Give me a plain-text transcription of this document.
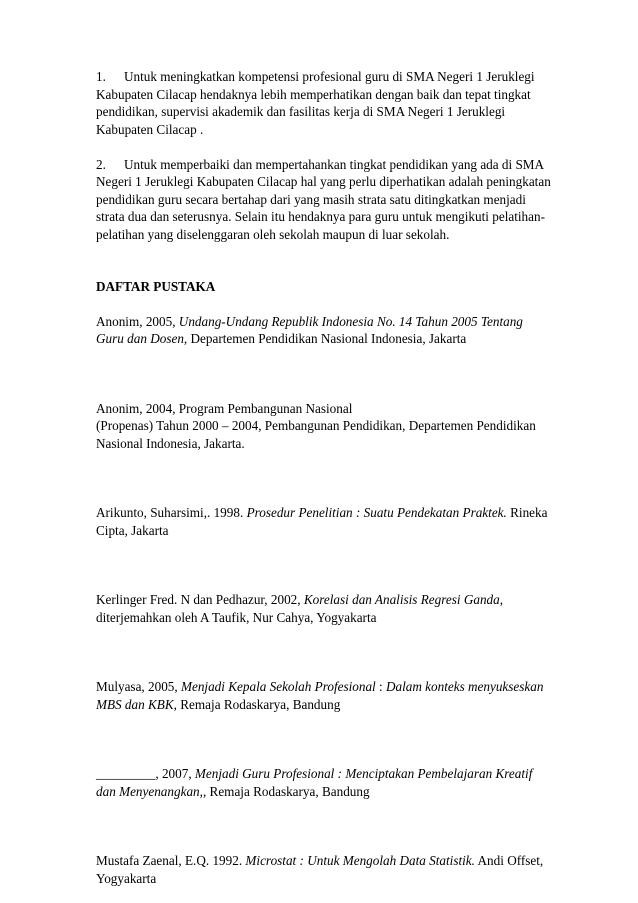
1. Untuk meningkatkan kompetensi profesional guru di SMA Negeri 1 Jeruklegi Kabupaten Cilacap hendaknya lebih memperhatikan dengan baik dan tepat tingkat pendidikan, supervisi akademik dan fasilitas kerja di SMA Negeri 1 Jeruklegi Kabupaten Cilacap .

2. Untuk memperbaiki dan mempertahankan tingkat pendidikan yang ada di SMA Negeri 1 Jeruklegi Kabupaten Cilacap hal yang perlu diperhatikan adalah peningkatan pendidikan guru secara bertahap dari yang masih strata satu ditingkatkan menjadi strata dua dan seterusnya. Selain itu hendaknya para guru untuk mengikuti pelatihan-pelatihan yang diselenggaran oleh sekolah maupun di luar sekolah.

DAFTAR PUSTAKA

Anonim, 2005, Undang-Undang Republik Indonesia No. 14 Tahun 2005 Tentang Guru dan Dosen, Departemen Pendidikan Nasional Indonesia, Jakarta

Anonim, 2004, Program Pembangunan Nasional
(Propenas) Tahun 2000 – 2004, Pembangunan Pendidikan, Departemen Pendidikan Nasional Indonesia, Jakarta.

Arikunto, Suharsimi,. 1998. Prosedur Penelitian : Suatu Pendekatan Praktek. Rineka Cipta, Jakarta

Kerlinger Fred. N dan Pedhazur, 2002, Korelasi dan Analisis Regresi Ganda, diterjemahkan oleh A Taufik, Nur Cahya, Yogyakarta

Mulyasa, 2005, Menjadi Kepala Sekolah Profesional : Dalam konteks menyukseskan MBS dan KBK, Remaja Rodaskarya, Bandung

_________, 2007, Menjadi Guru Profesional : Menciptakan Pembelajaran Kreatif dan Menyenangkan,, Remaja Rodaskarya, Bandung

Mustafa Zaenal, E.Q. 1992. Microstat : Untuk Mengolah Data Statistik. Andi Offset, Yogyakarta
